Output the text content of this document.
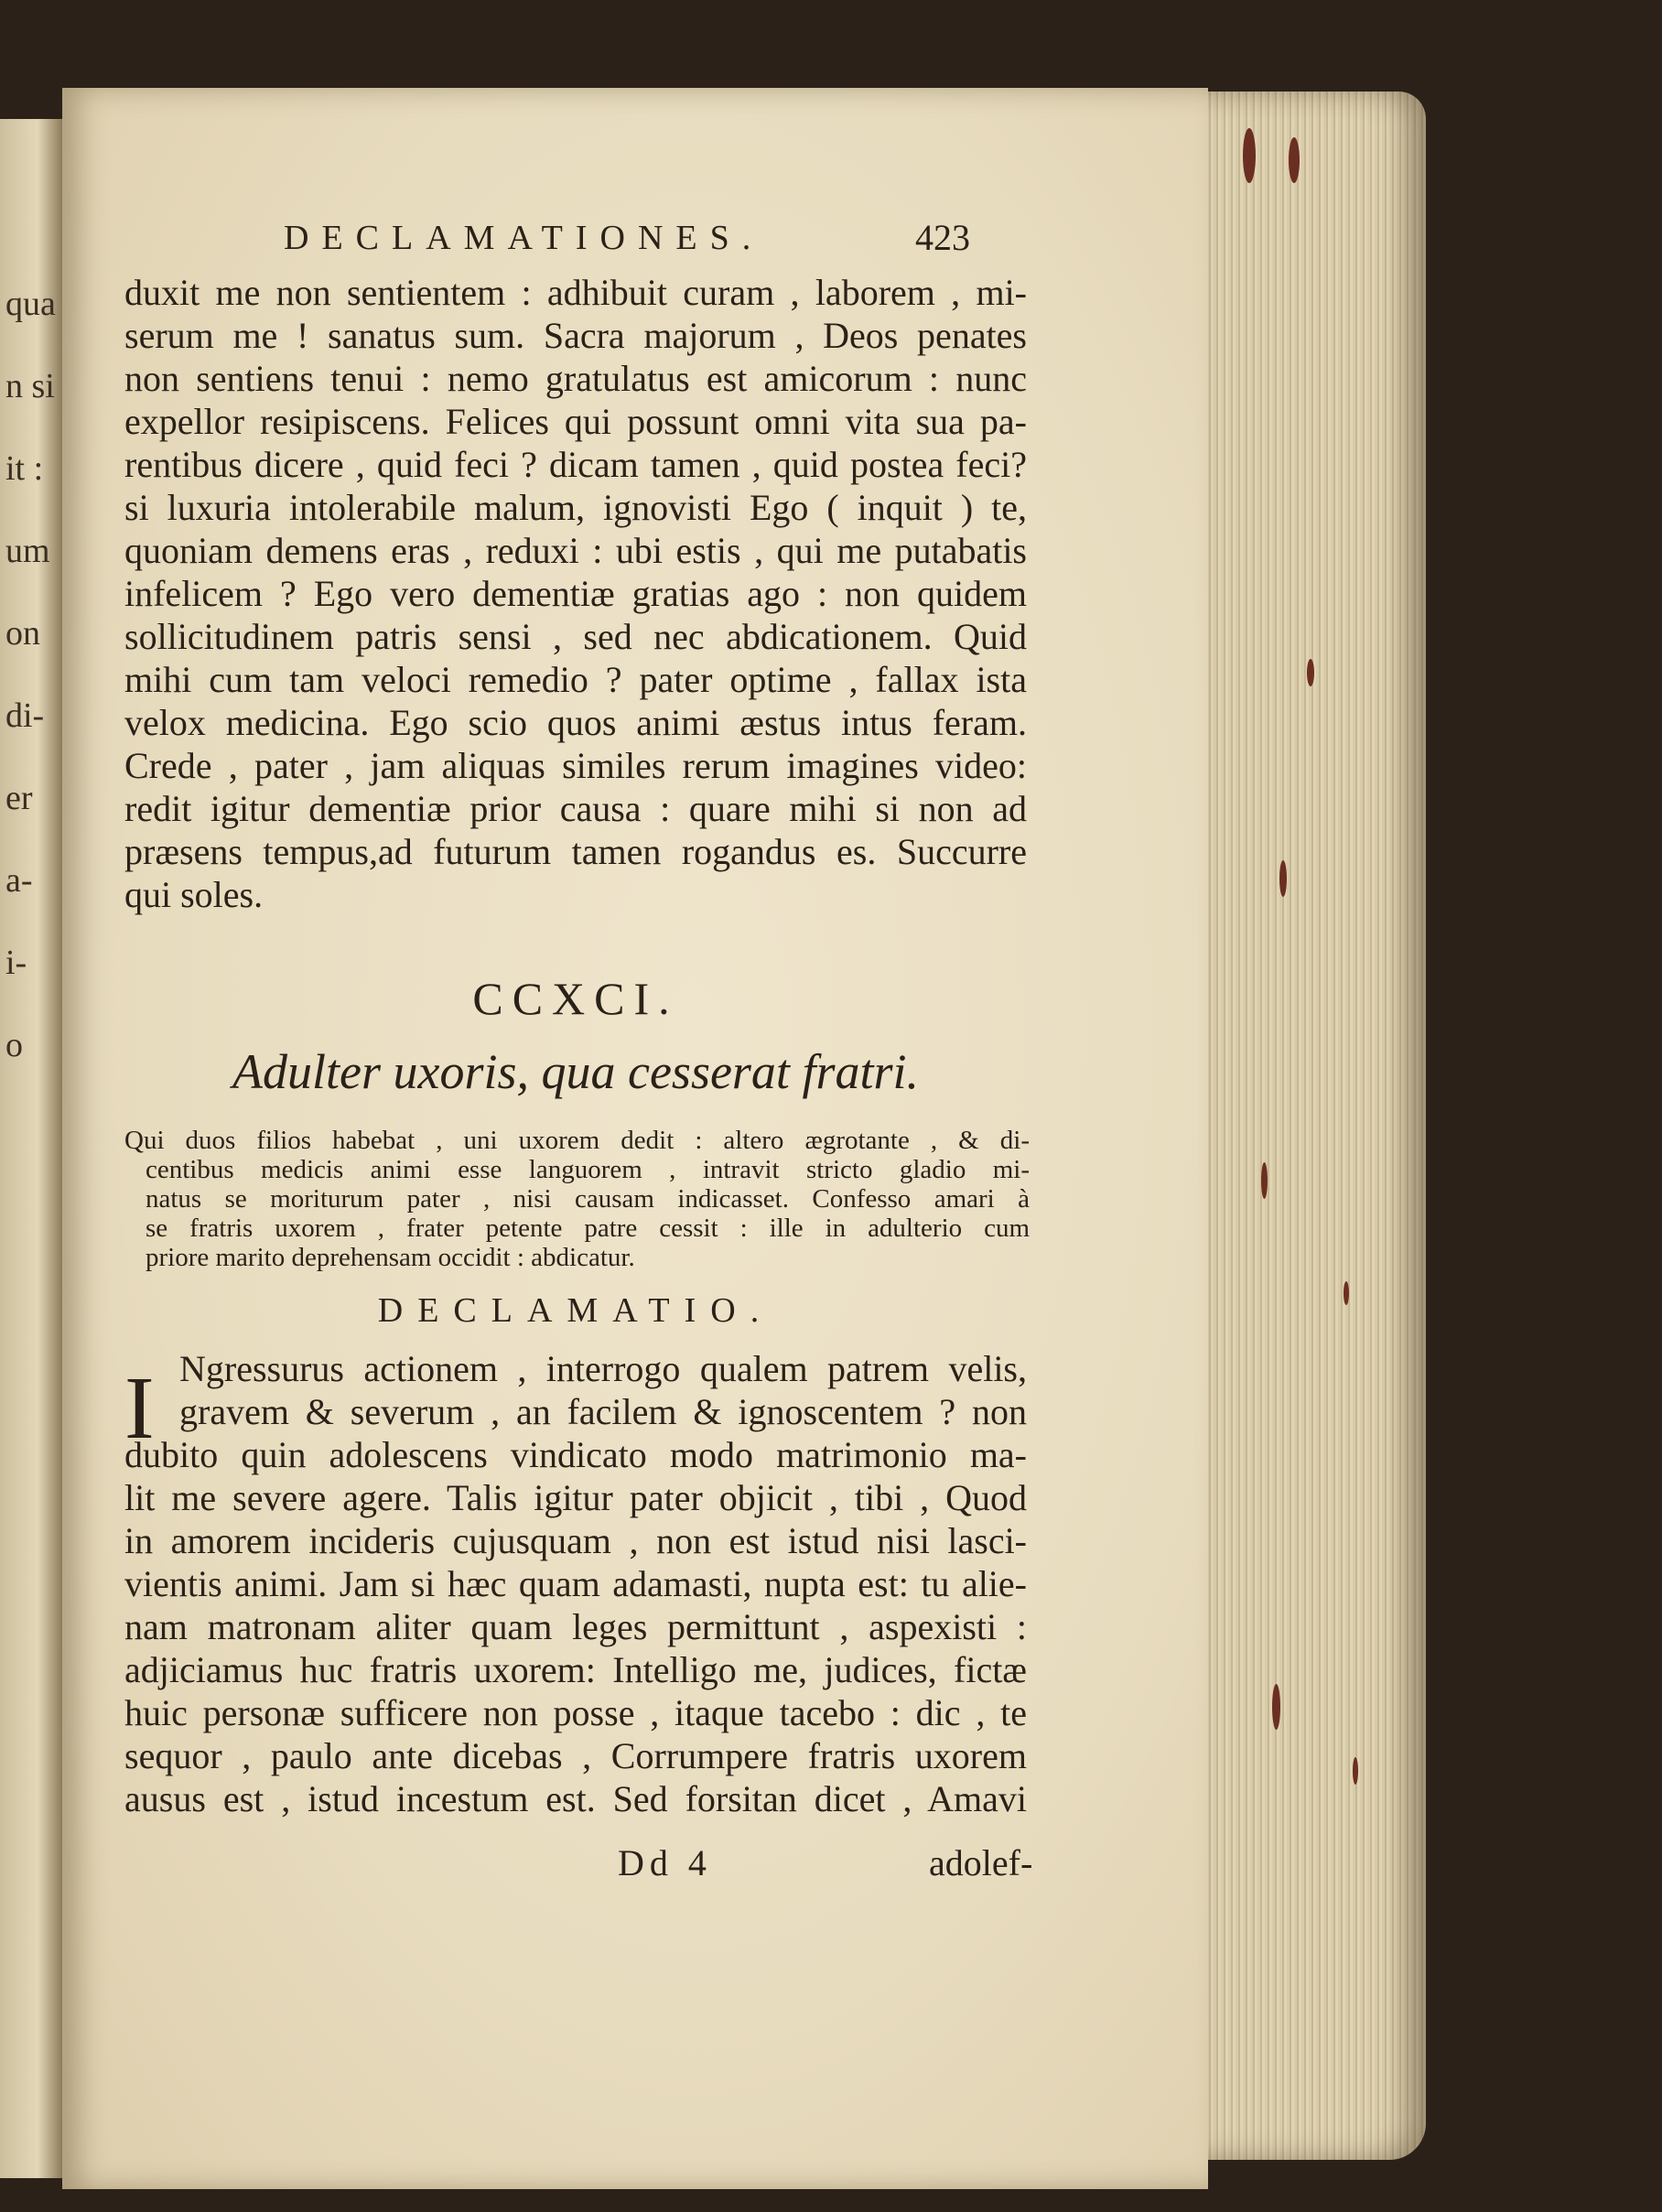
qua
n si
it :
um
on
di-
er
a-
i-
o
DECLAMATIONES.	423
duxit me non sentientem : adhibuit curam , laborem , mi-
serum me ! sanatus sum. Sacra majorum , Deos penates
non sentiens tenui : nemo gratulatus est amicorum : nunc
expellor resipiscens. Felices qui possunt omni vita sua pa-
rentibus dicere , quid feci ? dicam tamen , quid postea feci?
si luxuria intolerabile malum, ignovisti Ego ( inquit ) te,
quoniam demens eras , reduxi : ubi estis , qui me putabatis
infelicem ? Ego vero dementiæ gratias ago : non quidem
sollicitudinem patris sensi , sed nec abdicationem. Quid
mihi cum tam veloci remedio ? pater optime , fallax ista
velox medicina. Ego scio quos animi æstus intus feram.
Crede , pater , jam aliquas similes rerum imagines video:
redit igitur dementiæ prior causa : quare mihi si non ad
præsens tempus,ad futurum tamen rogandus es. Succurre
qui soles.
CCXCI.
Adulter uxoris, qua cesserat fratri.
Qui duos filios habebat , uni uxorem dedit : altero ægrotante , & di-
centibus medicis animi esse languorem , intravit stricto gladio mi-
natus se moriturum pater , nisi causam indicasset. Confesso amari à
se fratris uxorem , frater petente patre cessit : ille in adulterio cum
priore marito deprehensam occidit : abdicatur.
DECLAMATIO.
I Ngressurus actionem , interrogo qualem patrem velis,
gravem & severum , an facilem & ignoscentem ? non
dubito quin adolescens vindicato modo matrimonio ma-
lit me severe agere. Talis igitur pater objicit , tibi , Quod
in amorem incideris cujusquam , non est istud nisi lasci-
vientis animi. Jam si hæc quam adamasti, nupta est: tu alie-
nam matronam aliter quam leges permittunt , aspexisti :
adjiciamus huc fratris uxorem: Intelligo me, judices, fictæ
huic personæ sufficere non posse , itaque tacebo : dic , te
sequor , paulo ante dicebas , Corrumpere fratris uxorem
ausus est , istud incestum est. Sed forsitan dicet , Amavi
Dd 4	adolef-
